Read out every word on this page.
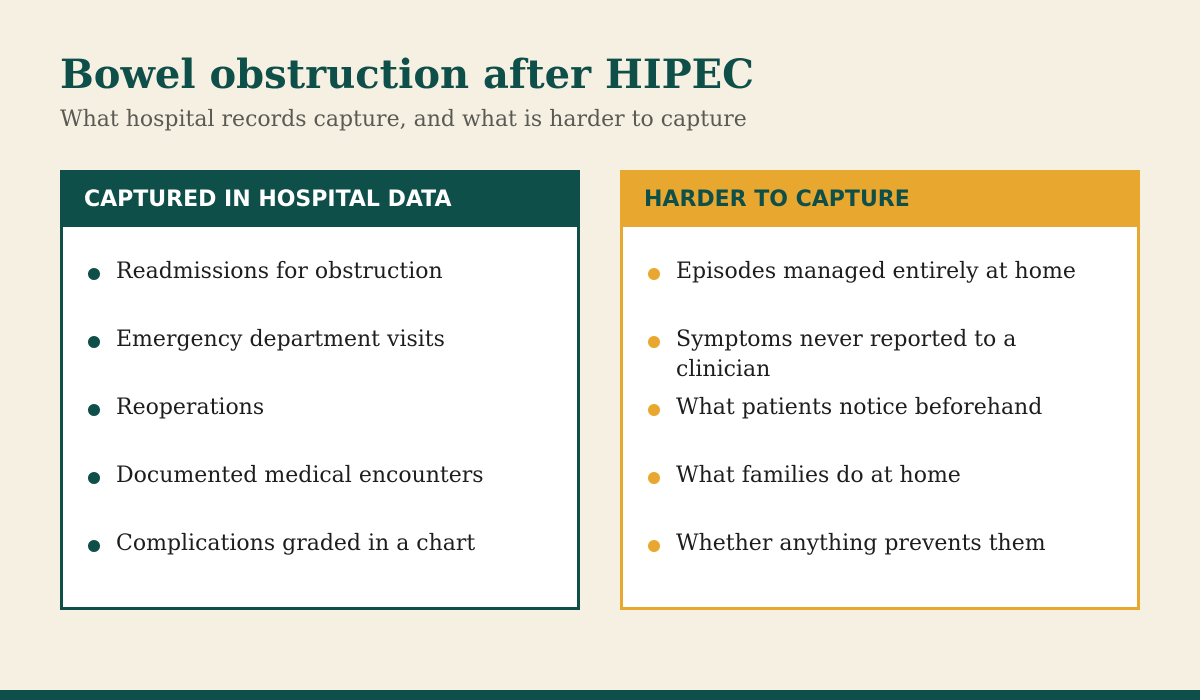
Bowel obstruction after HIPEC
What hospital records capture, and what is harder to capture
CAPTURED IN HOSPITAL DATA
Readmissions for obstruction
Emergency department visits
Reoperations
Documented medical encounters
Complications graded in a chart
HARDER TO CAPTURE
Episodes managed entirely at home
Symptoms never reported to a clinician
What patients notice beforehand
What families do at home
Whether anything prevents them
